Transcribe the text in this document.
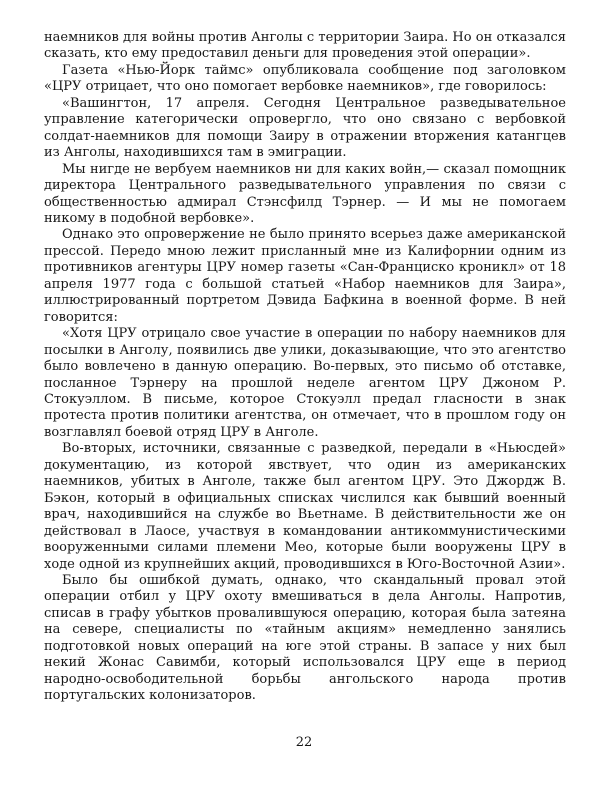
наемников для войны против Анголы с территории Заира. Но он отказался сказать, кто ему предоставил деньги для проведения этой операции».

Газета «Нью-Йорк таймс» опубликовала сообщение под заголовком «ЦРУ отрицает, что оно помогает вербовке наемников», где говорилось:

«Вашингтон, 17 апреля. Сегодня Центральное разведывательное управление категорически опровергло, что оно связано с вербовкой солдат-наемников для помощи Заиру в отражении вторжения катангцев из Анголы, находившихся там в эмиграции.

Мы нигде не вербуем наемников ни для каких войн,— сказал помощник директора Центрального разведывательного управления по связи с общественностью адмирал Стэнсфилд Тэрнер. — И мы не помогаем никому в подобной вербовке».

Однако это опровержение не было принято всерьез даже американской прессой. Передо мною лежит присланный мне из Калифорнии одним из противников агентуры ЦРУ номер газеты «Сан-Франциско кроникл» от 18 апреля 1977 года с большой статьей «Набор наемников для Заира», иллюстрированный портретом Дэвида Бафкина в военной форме. В ней говорится:

«Хотя ЦРУ отрицало свое участие в операции по набору наемников для посылки в Анголу, появились две улики, доказывающие, что это агентство было вовлечено в данную операцию. Во-первых, это письмо об отставке, посланное Тэрнеру на прошлой неделе агентом ЦРУ Джоном Р. Стокуэллом. В письме, которое Стокуэлл предал гласности в знак протеста против политики агентства, он отмечает, что в прошлом году он возглавлял боевой отряд ЦРУ в Анголе.

Во-вторых, источники, связанные с разведкой, передали в «Ньюсдей» документацию, из которой явствует, что один из американских наемников, убитых в Анголе, также был агентом ЦРУ. Это Джордж В. Бэкон, который в официальных списках числился как бывший военный врач, находившийся на службе во Вьетнаме. В действительности же он действовал в Лаосе, участвуя в командовании антикоммунистическими вооруженными силами племени Мео, которые были вооружены ЦРУ в ходе одной из крупнейших акций, проводившихся в Юго-Восточной Азии».

Было бы ошибкой думать, однако, что скандальный провал этой операции отбил у ЦРУ охоту вмешиваться в дела Анголы. Напротив, списав в графу убытков провалившуюся операцию, которая была затеяна на севере, специалисты по «тайным акциям» немедленно занялись подготовкой новых операций на юге этой страны. В запасе у них был некий Жонас Савимби, который использовался ЦРУ еще в период народно-освободительной борьбы ангольского народа против португальских колонизаторов.

22
